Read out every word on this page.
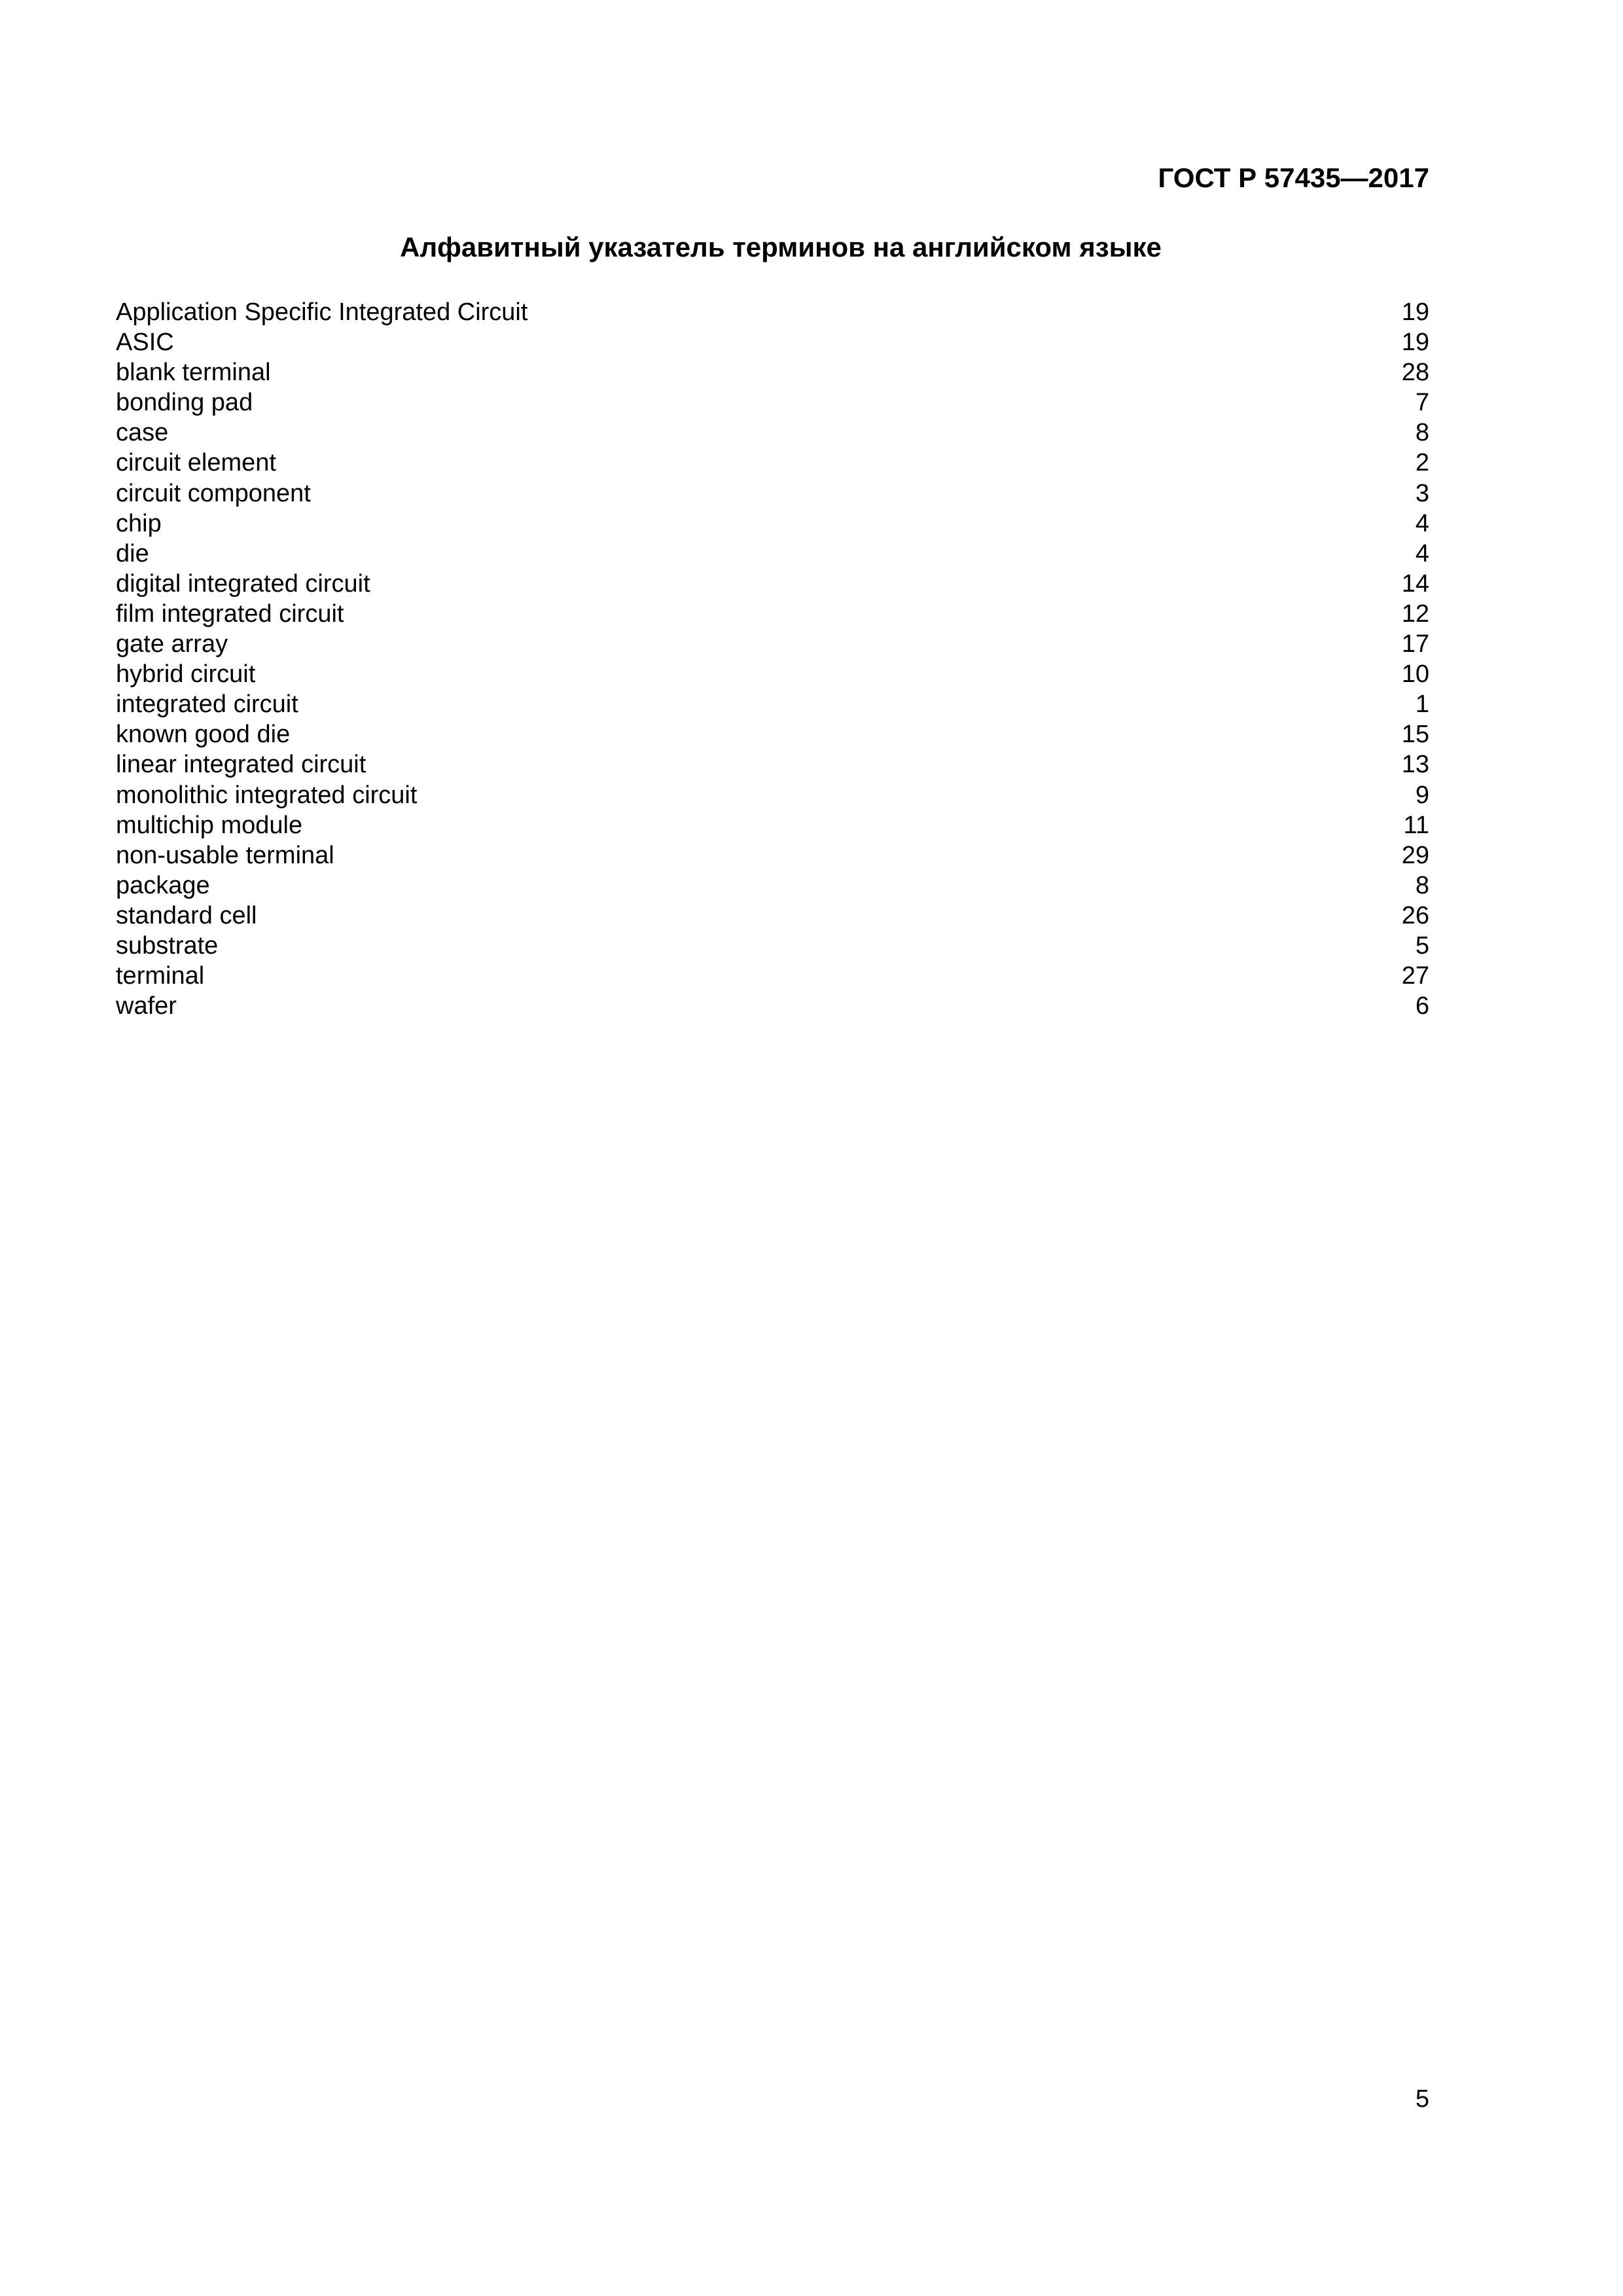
ГОСТ Р 57435—2017
Алфавитный указатель терминов на английском языке
Application Specific Integrated Circuit	19
ASIC	19
blank terminal	28
bonding pad	7
case	8
circuit element	2
circuit component	3
chip	4
die	4
digital integrated circuit	14
film integrated circuit	12
gate array	17
hybrid circuit	10
integrated circuit	1
known good die	15
linear integrated circuit	13
monolithic integrated circuit	9
multichip module	11
non-usable terminal	29
package	8
standard cell	26
substrate	5
terminal	27
wafer	6
5
